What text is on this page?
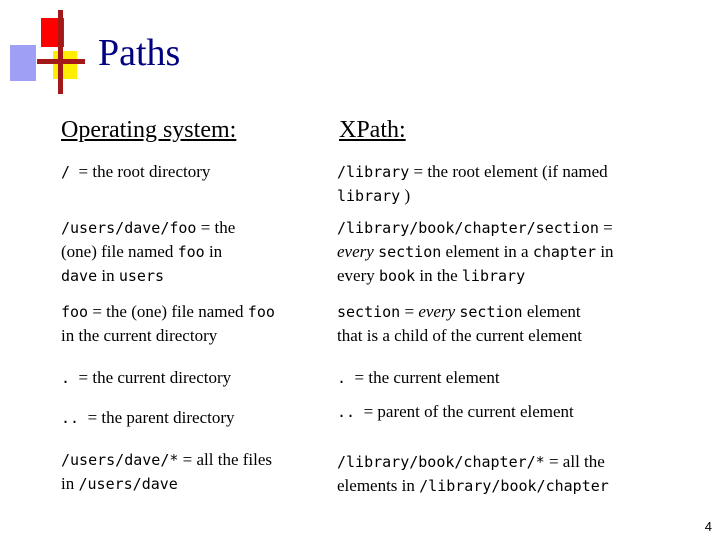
Paths
Operating system:	XPath:
/ = the root directory
/users/dave/foo = the
(one) file named foo in
dave in users
foo = the (one) file named foo
in the current directory
. = the current directory
.. = the parent directory
/users/dave/* = all the files
in /users/dave
/library = the root element (if named
library )
/library/book/chapter/section =
every section element in a chapter in
every book in the library
section = every section element
that is a child of the current element
. = the current element
.. = parent of the current element
/library/book/chapter/* = all the
elements in /library/book/chapter
4
